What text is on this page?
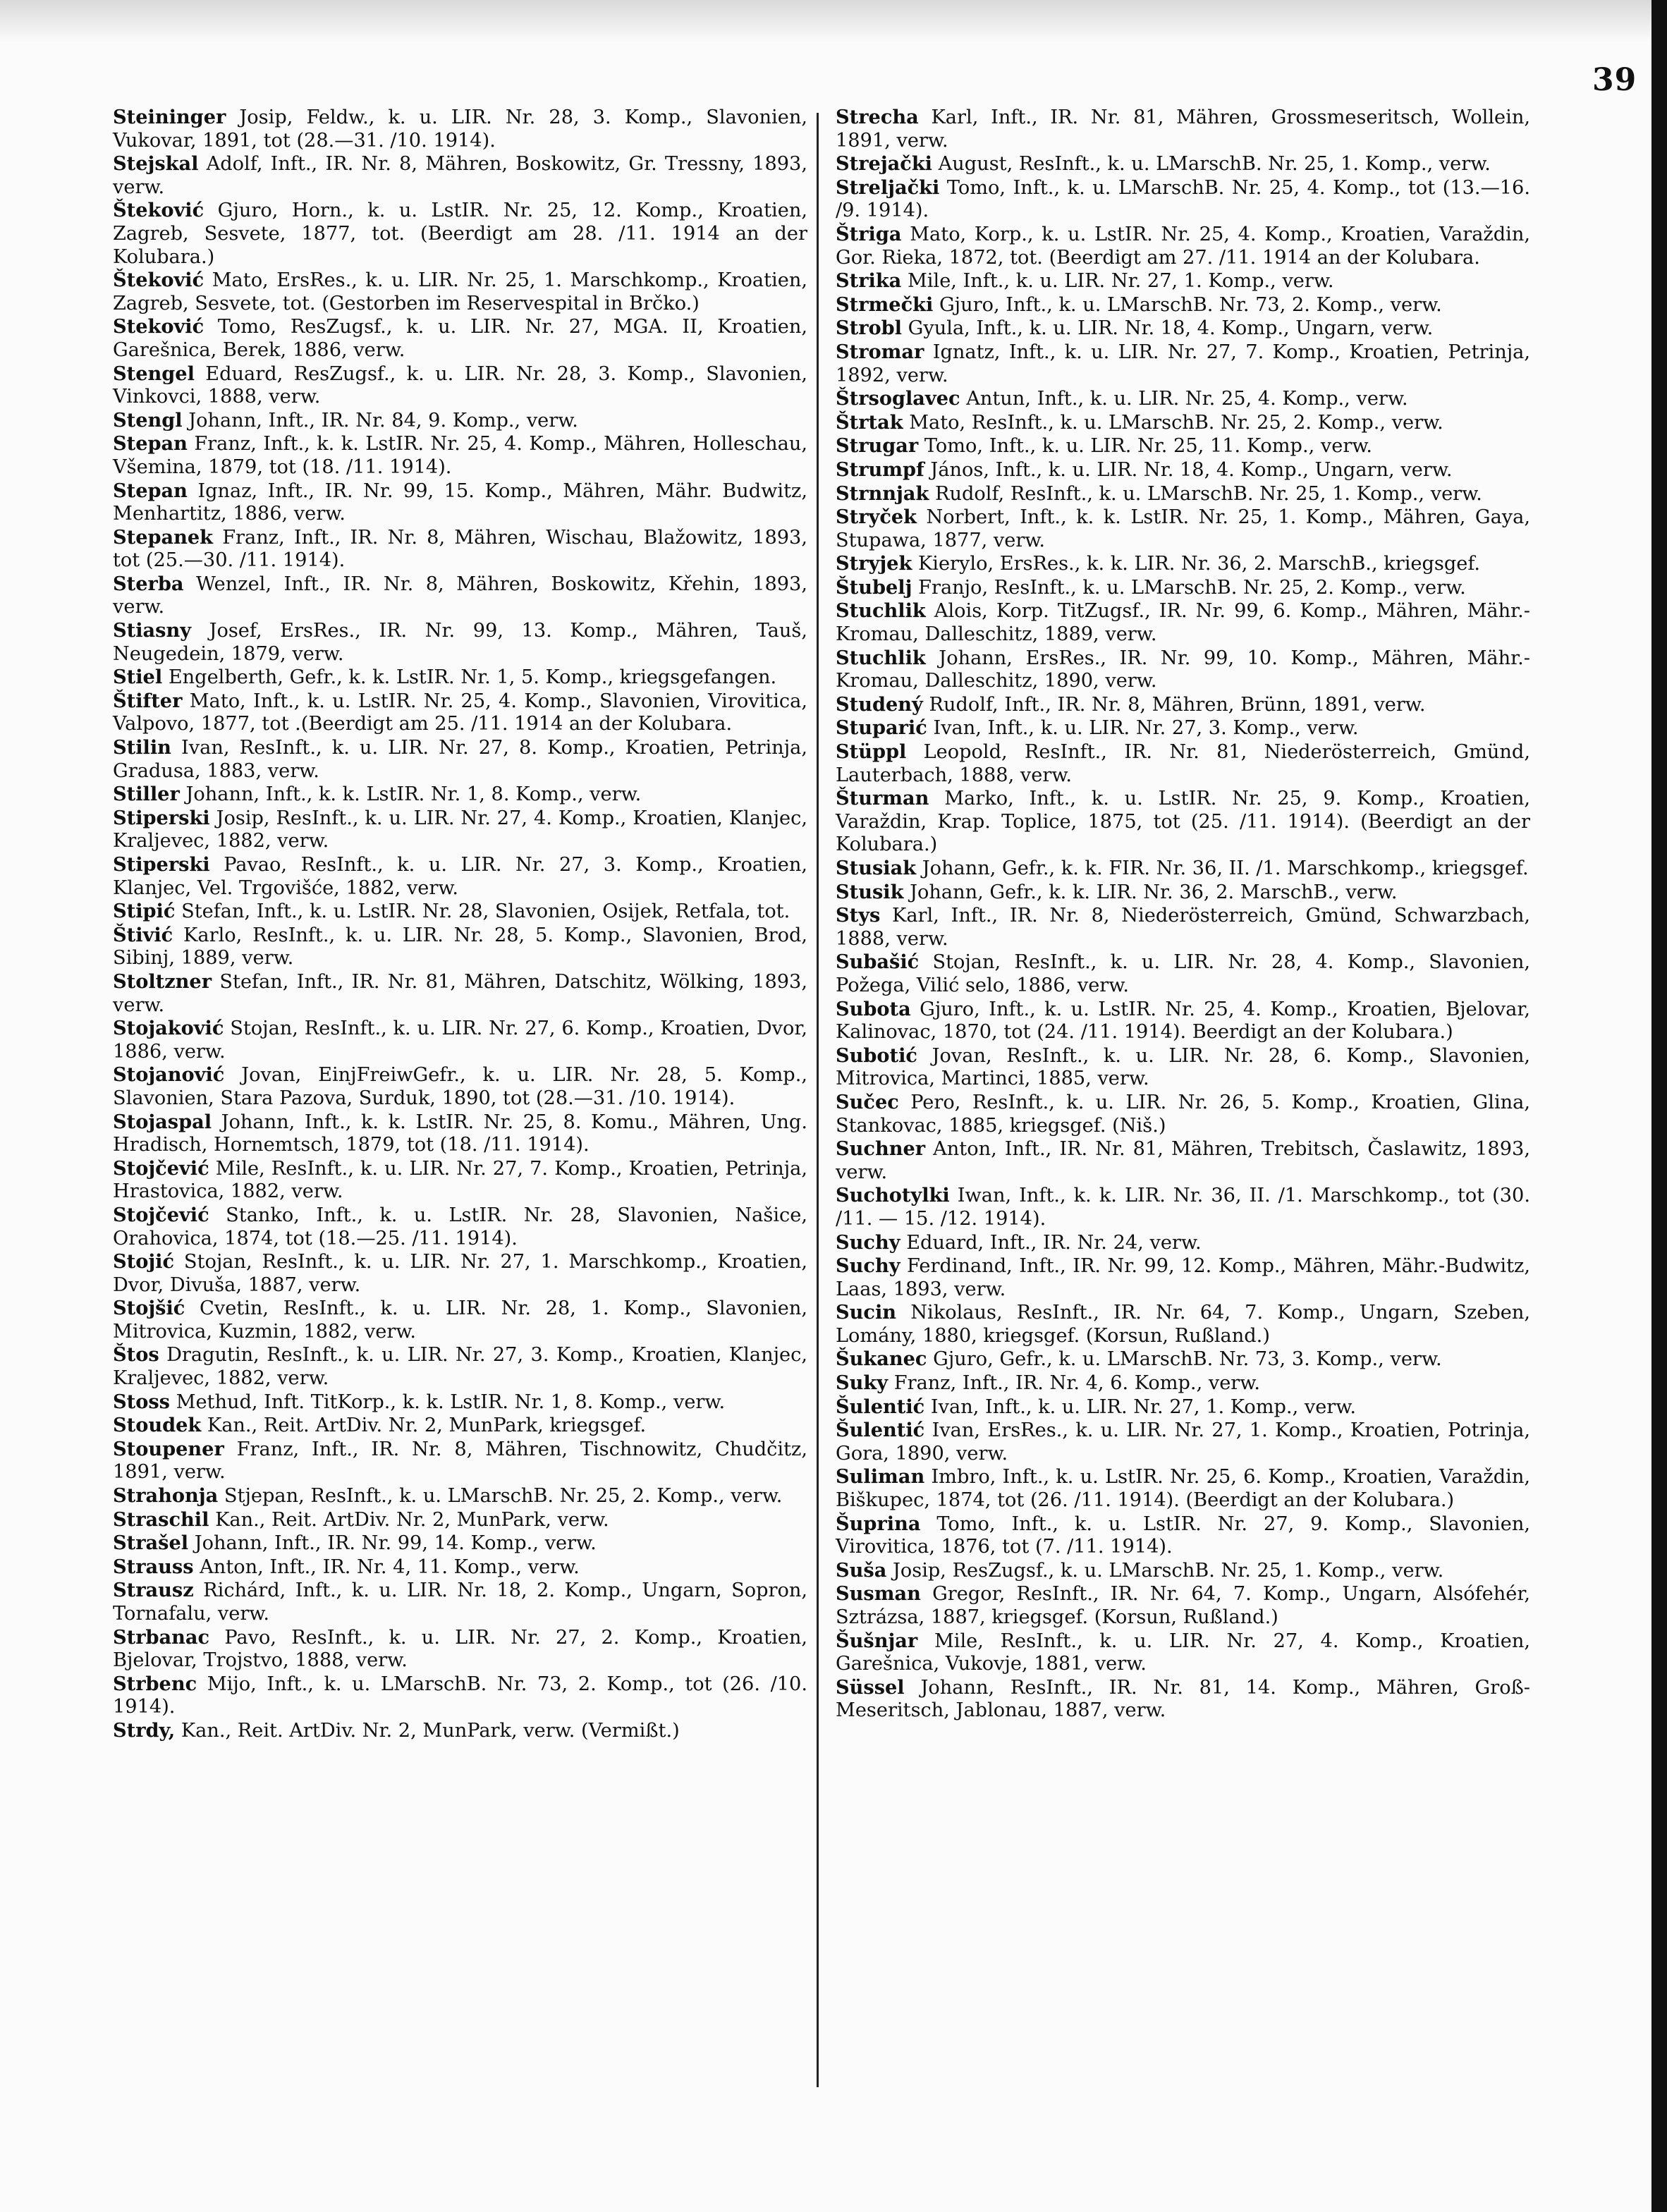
39
Steininger Josip, Feldw., k. u. LIR. Nr. 28, 3. Komp., Slavonien, Vukovar, 1891, tot (28.—31. /10. 1914).
Stejskal Adolf, Inft., IR. Nr. 8, Mähren, Boskowitz, Gr. Tressny, 1893, verw.
Šteković Gjuro, Horn., k. u. LstIR. Nr. 25, 12. Komp., Kroatien, Zagreb, Sesvete, 1877, tot. (Beerdigt am 28. /11. 1914 an der Kolubara.)
Šteković Mato, ErsRes., k. u. LIR. Nr. 25, 1. Marschkomp., Kroatien, Zagreb, Sesvete, tot. (Gestorben im Reservespital in Brčko.)
Steković Tomo, ResZugsf., k. u. LIR. Nr. 27, MGA. II, Kroatien, Garešnica, Berek, 1886, verw.
Stengel Eduard, ResZugsf., k. u. LIR. Nr. 28, 3. Komp., Slavonien, Vinkovci, 1888, verw.
Stengl Johann, Inft., IR. Nr. 84, 9. Komp., verw.
Stepan Franz, Inft., k. k. LstIR. Nr. 25, 4. Komp., Mähren, Holleschau, Všemina, 1879, tot (18. /11. 1914).
Stepan Ignaz, Inft., IR. Nr. 99, 15. Komp., Mähren, Mähr. Budwitz, Menhartitz, 1886, verw.
Stepanek Franz, Inft., IR. Nr. 8, Mähren, Wischau, Blažowitz, 1893, tot (25.—30. /11. 1914).
Sterba Wenzel, Inft., IR. Nr. 8, Mähren, Boskowitz, Křehin, 1893, verw.
Stiasny Josef, ErsRes., IR. Nr. 99, 13. Komp., Mähren, Tauš, Neugedein, 1879, verw.
Stiel Engelberth, Gefr., k. k. LstIR. Nr. 1, 5. Komp., kriegsgefangen.
Štifter Mato, Inft., k. u. LstIR. Nr. 25, 4. Komp., Slavonien, Virovitica, Valpovo, 1877, tot .(Beerdigt am 25. /11. 1914 an der Kolubara.
Stilin Ivan, ResInft., k. u. LIR. Nr. 27, 8. Komp., Kroatien, Petrinja, Gradusa, 1883, verw.
Stiller Johann, Inft., k. k. LstIR. Nr. 1, 8. Komp., verw.
Stiperski Josip, ResInft., k. u. LIR. Nr. 27, 4. Komp., Kroatien, Klanjec, Kraljevec, 1882, verw.
Stiperski Pavao, ResInft., k. u. LIR. Nr. 27, 3. Komp., Kroatien, Klanjec, Vel. Trgovišće, 1882, verw.
Stipić Stefan, Inft., k. u. LstIR. Nr. 28, Slavonien, Osijek, Retfala, tot.
Štivić Karlo, ResInft., k. u. LIR. Nr. 28, 5. Komp., Slavonien, Brod, Sibinj, 1889, verw.
Stoltzner Stefan, Inft., IR. Nr. 81, Mähren, Datschitz, Wölking, 1893, verw.
Stojaković Stojan, ResInft., k. u. LIR. Nr. 27, 6. Komp., Kroatien, Dvor, 1886, verw.
Stojanović Jovan, EinjFreiwGefr., k. u. LIR. Nr. 28, 5. Komp., Slavonien, Stara Pazova, Surduk, 1890, tot (28.—31. /10. 1914).
Stojaspal Johann, Inft., k. k. LstIR. Nr. 25, 8. Komu., Mähren, Ung. Hradisch, Hornemtsch, 1879, tot (18. /11. 1914).
Stojčević Mile, ResInft., k. u. LIR. Nr. 27, 7. Komp., Kroatien, Petrinja, Hrastovica, 1882, verw.
Stojčević Stanko, Inft., k. u. LstIR. Nr. 28, Slavonien, Našice, Orahovica, 1874, tot (18.—25. /11. 1914).
Stojić Stojan, ResInft., k. u. LIR. Nr. 27, 1. Marschkomp., Kroatien, Dvor, Divuša, 1887, verw.
Stojšić Cvetin, ResInft., k. u. LIR. Nr. 28, 1. Komp., Slavonien, Mitrovica, Kuzmin, 1882, verw.
Štos Dragutin, ResInft., k. u. LIR. Nr. 27, 3. Komp., Kroatien, Klanjec, Kraljevec, 1882, verw.
Stoss Methud, Inft. TitKorp., k. k. LstIR. Nr. 1, 8. Komp., verw.
Stoudek Kan., Reit. ArtDiv. Nr. 2, MunPark, kriegsgef.
Stoupener Franz, Inft., IR. Nr. 8, Mähren, Tischnowitz, Chudčitz, 1891, verw.
Strahonja Stjepan, ResInft., k. u. LMarschB. Nr. 25, 2. Komp., verw.
Straschil Kan., Reit. ArtDiv. Nr. 2, MunPark, verw.
Strašel Johann, Inft., IR. Nr. 99, 14. Komp., verw.
Strauss Anton, Inft., IR. Nr. 4, 11. Komp., verw.
Strausz Richárd, Inft., k. u. LIR. Nr. 18, 2. Komp., Ungarn, Sopron, Tornafalu, verw.
Strbanac Pavo, ResInft., k. u. LIR. Nr. 27, 2. Komp., Kroatien, Bjelovar, Trojstvo, 1888, verw.
Strbenc Mijo, Inft., k. u. LMarschB. Nr. 73, 2. Komp., tot (26. /10. 1914).
Strdy, Kan., Reit. ArtDiv. Nr. 2, MunPark, verw. (Vermißt.)
Strecha Karl, Inft., IR. Nr. 81, Mähren, Grossmeseritsch, Wollein, 1891, verw.
Strejački August, ResInft., k. u. LMarschB. Nr. 25, 1. Komp., verw.
Streljački Tomo, Inft., k. u. LMarschB. Nr. 25, 4. Komp., tot (13.—16. /9. 1914).
Štriga Mato, Korp., k. u. LstIR. Nr. 25, 4. Komp., Kroatien, Varaždin, Gor. Rieka, 1872, tot. (Beerdigt am 27. /11. 1914 an der Kolubara.
Strika Mile, Inft., k. u. LIR. Nr. 27, 1. Komp., verw.
Strmečki Gjuro, Inft., k. u. LMarschB. Nr. 73, 2. Komp., verw.
Strobl Gyula, Inft., k. u. LIR. Nr. 18, 4. Komp., Ungarn, verw.
Stromar Ignatz, Inft., k. u. LIR. Nr. 27, 7. Komp., Kroatien, Petrinja, 1892, verw.
Štrsoglavec Antun, Inft., k. u. LIR. Nr. 25, 4. Komp., verw.
Štrtak Mato, ResInft., k. u. LMarschB. Nr. 25, 2. Komp., verw.
Strugar Tomo, Inft., k. u. LIR. Nr. 25, 11. Komp., verw.
Strumpf János, Inft., k. u. LIR. Nr. 18, 4. Komp., Ungarn, verw.
Strnnjak Rudolf, ResInft., k. u. LMarschB. Nr. 25, 1. Komp., verw.
Stryček Norbert, Inft., k. k. LstIR. Nr. 25, 1. Komp., Mähren, Gaya, Stupawa, 1877, verw.
Stryjek Kierylo, ErsRes., k. k. LIR. Nr. 36, 2. MarschB., kriegsgef.
Štubelj Franjo, ResInft., k. u. LMarschB. Nr. 25, 2. Komp., verw.
Stuchlik Alois, Korp. TitZugsf., IR. Nr. 99, 6. Komp., Mähren, Mähr.-Kromau, Dalleschitz, 1889, verw.
Stuchlik Johann, ErsRes., IR. Nr. 99, 10. Komp., Mähren, Mähr.-Kromau, Dalleschitz, 1890, verw.
Studený Rudolf, Inft., IR. Nr. 8, Mähren, Brünn, 1891, verw.
Stuparić Ivan, Inft., k. u. LIR. Nr. 27, 3. Komp., verw.
Stüppl Leopold, ResInft., IR. Nr. 81, Niederösterreich, Gmünd, Lauterbach, 1888, verw.
Šturman Marko, Inft., k. u. LstIR. Nr. 25, 9. Komp., Kroatien, Varaždin, Krap. Toplice, 1875, tot (25. /11. 1914). (Beerdigt an der Kolubara.)
Stusiak Johann, Gefr., k. k. FIR. Nr. 36, II. /1. Marschkomp., kriegsgef.
Stusik Johann, Gefr., k. k. LIR. Nr. 36, 2. MarschB., verw.
Stys Karl, Inft., IR. Nr. 8, Niederösterreich, Gmünd, Schwarzbach, 1888, verw.
Subašić Stojan, ResInft., k. u. LIR. Nr. 28, 4. Komp., Slavonien, Požega, Vilić selo, 1886, verw.
Subota Gjuro, Inft., k. u. LstIR. Nr. 25, 4. Komp., Kroatien, Bjelovar, Kalinovac, 1870, tot (24. /11. 1914). Beerdigt an der Kolubara.)
Subotić Jovan, ResInft., k. u. LIR. Nr. 28, 6. Komp., Slavonien, Mitrovica, Martinci, 1885, verw.
Sučec Pero, ResInft., k. u. LIR. Nr. 26, 5. Komp., Kroatien, Glina, Stankovac, 1885, kriegsgef. (Niš.)
Suchner Anton, Inft., IR. Nr. 81, Mähren, Trebitsch, Časlawitz, 1893, verw.
Suchotylki Iwan, Inft., k. k. LIR. Nr. 36, II. /1. Marschkomp., tot (30. /11. — 15. /12. 1914).
Suchy Eduard, Inft., IR. Nr. 24, verw.
Suchy Ferdinand, Inft., IR. Nr. 99, 12. Komp., Mähren, Mähr.-Budwitz, Laas, 1893, verw.
Sucin Nikolaus, ResInft., IR. Nr. 64, 7. Komp., Ungarn, Szeben, Lomány, 1880, kriegsgef. (Korsun, Rußland.)
Šukanec Gjuro, Gefr., k. u. LMarschB. Nr. 73, 3. Komp., verw.
Suky Franz, Inft., IR. Nr. 4, 6. Komp., verw.
Šulentić Ivan, Inft., k. u. LIR. Nr. 27, 1. Komp., verw.
Šulentić Ivan, ErsRes., k. u. LIR. Nr. 27, 1. Komp., Kroatien, Potrinja, Gora, 1890, verw.
Suliman Imbro, Inft., k. u. LstIR. Nr. 25, 6. Komp., Kroatien, Varaždin, Biškupec, 1874, tot (26. /11. 1914). (Beerdigt an der Kolubara.)
Šuprina Tomo, Inft., k. u. LstIR. Nr. 27, 9. Komp., Slavonien, Virovitica, 1876, tot (7. /11. 1914).
Suša Josip, ResZugsf., k. u. LMarschB. Nr. 25, 1. Komp., verw.
Susman Gregor, ResInft., IR. Nr. 64, 7. Komp., Ungarn, Alsófehér, Sztrázsa, 1887, kriegsgef. (Korsun, Rußland.)
Šušnjar Mile, ResInft., k. u. LIR. Nr. 27, 4. Komp., Kroatien, Garešnica, Vukovje, 1881, verw.
Süssel Johann, ResInft., IR. Nr. 81, 14. Komp., Mähren, Groß-Meseritsch, Jablonau, 1887, verw.
